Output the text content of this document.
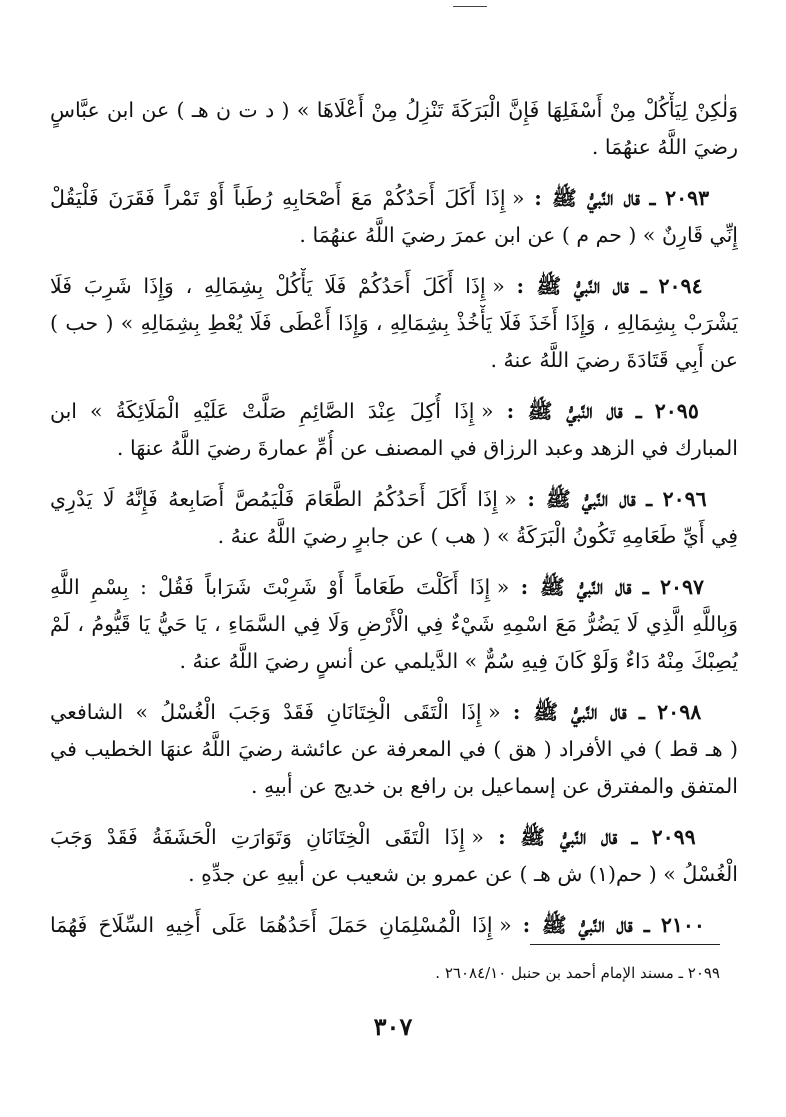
وَلٰكِنْ لِيَأْكُلْ مِنْ أَسْفَلِهَا فَإِنَّ الْبَرَكَةَ تَنْزِلُ مِنْ أَعْلَاهَا » ( د ت ن هـ ) عن ابن عبَّاسٍ
رضيَ اللَّهُ عنهُمَا .
٢٠٩٣ ـ قال النَّبيُّ ﷺ : « إِذَا أَكَلَ أَحَدُكُمْ مَعَ أَصْحَابِهِ رُطَباً أَوْ تَمْراً فَقَرَنَ فَلْيَقُلْ
إِنِّي قَارِنٌ » ( حم م ) عن ابن عمرَ رضيَ اللَّهُ عنهُمَا .
٢٠٩٤ ـ قال النَّبيُّ ﷺ : « إِذَا أَكَلَ أَحَدُكُمْ فَلَا يَأْكُلْ بِشِمَالِهِ ، وَإِذَا شَرِبَ فَلَا
يَشْرَبْ بِشِمَالِهِ ، وَإِذَا أَخَذَ فَلَا يَأْخُذْ بِشِمَالِهِ ، وَإِذَا أَعْطَى فَلَا يُعْطِ بِشِمَالِهِ » ( حب )
عن أَبِي قَتَادَةَ رضيَ اللَّهُ عنهُ .
٢٠٩٥ ـ قال النَّبيُّ ﷺ : « إِذَا أُكِلَ عِنْدَ الصَّائِمِ صَلَّتْ عَلَيْهِ الْمَلَائِكَةُ » ابن
المبارك في الزهد وعبد الرزاق في المصنف عن أُمِّ عمارةَ رضيَ اللَّهُ عنهَا .
٢٠٩٦ ـ قال النَّبيُّ ﷺ : « إِذَا أَكَلَ أَحَدُكُمُ الطَّعَامَ فَلْيَمُصَّ أَصَابِعهُ فَإِنَّهُ لَا يَدْرِي
فِي أَيِّ طَعَامِهِ تَكُونُ الْبَرَكَةُ » ( هب ) عن جابرٍ رضيَ اللَّهُ عنهُ .
٢٠٩٧ ـ قال النَّبيُّ ﷺ : « إِذَا أَكَلْتَ طَعَاماً أَوْ شَرِبْتَ شَرَاباً فَقُلْ : بِسْمِ اللَّهِ
وَبِاللَّهِ الَّذِي لَا يَضُرُّ مَعَ اسْمِهِ شَيْءٌ فِي الْأَرْضِ وَلَا فِي السَّمَاءِ ، يَا حَيُّ يَا قَيُّومُ ، لَمْ
يُصِبْكَ مِنْهُ دَاءٌ وَلَوْ كَانَ فِيهِ سُمٌّ » الدَّيلمي عن أنسٍ رضيَ اللَّهُ عنهُ .
٢٠٩٨ ـ قال النَّبيُّ ﷺ : « إِذَا الْتَقَى الْخِتَانَانِ فَقَدْ وَجَبَ الْغُسْلُ » الشافعي
( هـ قط ) في الأفراد ( هق ) في المعرفة عن عائشة رضيَ اللَّهُ عنهَا الخطيب في
المتفق والمفترق عن إسماعيل بن رافع بن خديج عن أبيهِ .
٢٠٩٩ ـ قال النَّبيُّ ﷺ : « إِذَا الْتَقَى الْخِتَانَانِ وَتَوَارَتِ الْحَشَفَةُ فَقَدْ وَجَبَ
الْغُسْلُ » ( حم(١) ش هـ ) عن عمرو بن شعيب عن أبيهِ عن جدِّهِ .
٢١٠٠ ـ قال النَّبيُّ ﷺ : « إِذَا الْمُسْلِمَانِ حَمَلَ أَحَدُهُمَا عَلَى أَخِيهِ السِّلَاحَ فَهُمَا
٢٠٩٩ ـ مسند الإمام أحمد بن حنبل ٢٦٠٨٤/١٠ .
٣٠٧
